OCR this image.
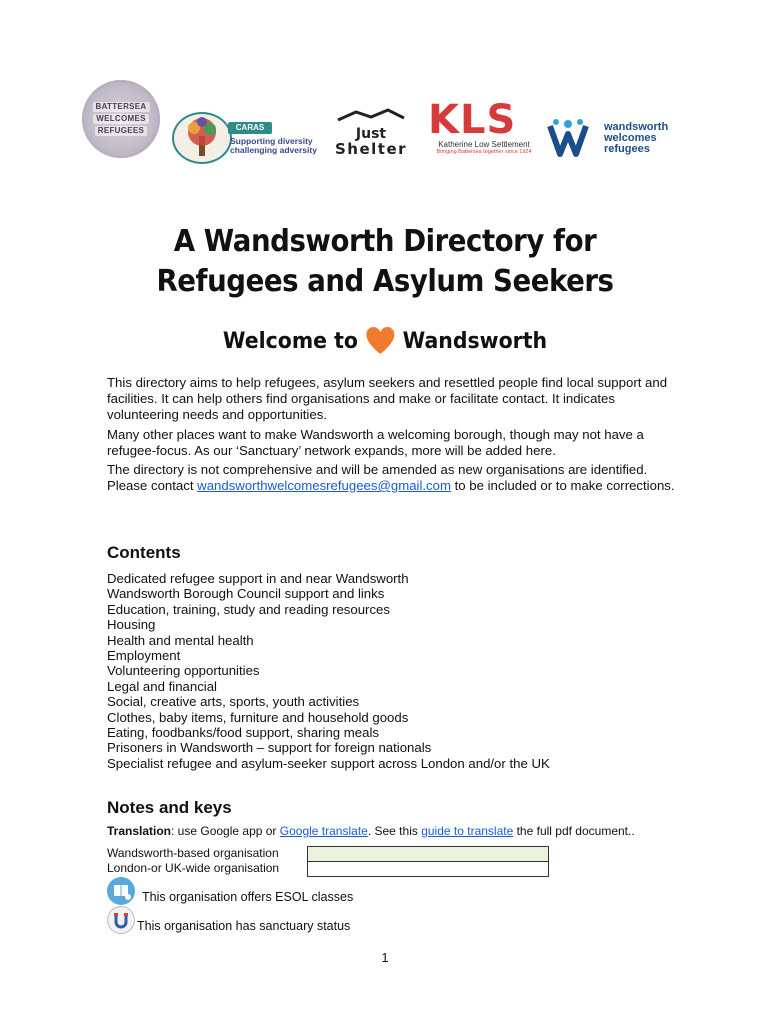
BATTERSEA
WELCOMES
REFUGEES	CARAS
Supporting diversity
challenging adversity
Just
Shelter
KLS
Katherine Low Settlement
Bringing Battersea together since 1924
wandsworth
welcomes
refugees
A Wandsworth Directory for
Refugees and Asylum Seekers
Welcome to Wandsworth
This directory aims to help refugees, asylum seekers and resettled people find local support and facilities. It can help others find organisations and make or facilitate contact. It indicates volunteering needs and opportunities.
Many other places want to make Wandsworth a welcoming borough, though may not have a refugee-focus. As our ‘Sanctuary’ network expands, more will be added here.
The directory is not comprehensive and will be amended as new organisations are identified. Please contact wandsworthwelcomesrefugees@gmail.com to be included or to make corrections.
Contents
Dedicated refugee support in and near Wandsworth
Wandsworth Borough Council support and links
Education, training, study and reading resources
Housing
Health and mental health
Employment
Volunteering opportunities
Legal and financial
Social, creative arts, sports, youth activities
Clothes, baby items, furniture and household goods
Eating, foodbanks/food support, sharing meals
Prisoners in Wandsworth – support for foreign nationals
Specialist refugee and asylum-seeker support across London and/or the UK
Notes and keys
Translation: use Google app or Google translate. See this guide to translate the full pdf document..
Wandsworth-based organisation
London-or UK-wide organisation
This organisation offers ESOL classes
This organisation has sanctuary status
1
